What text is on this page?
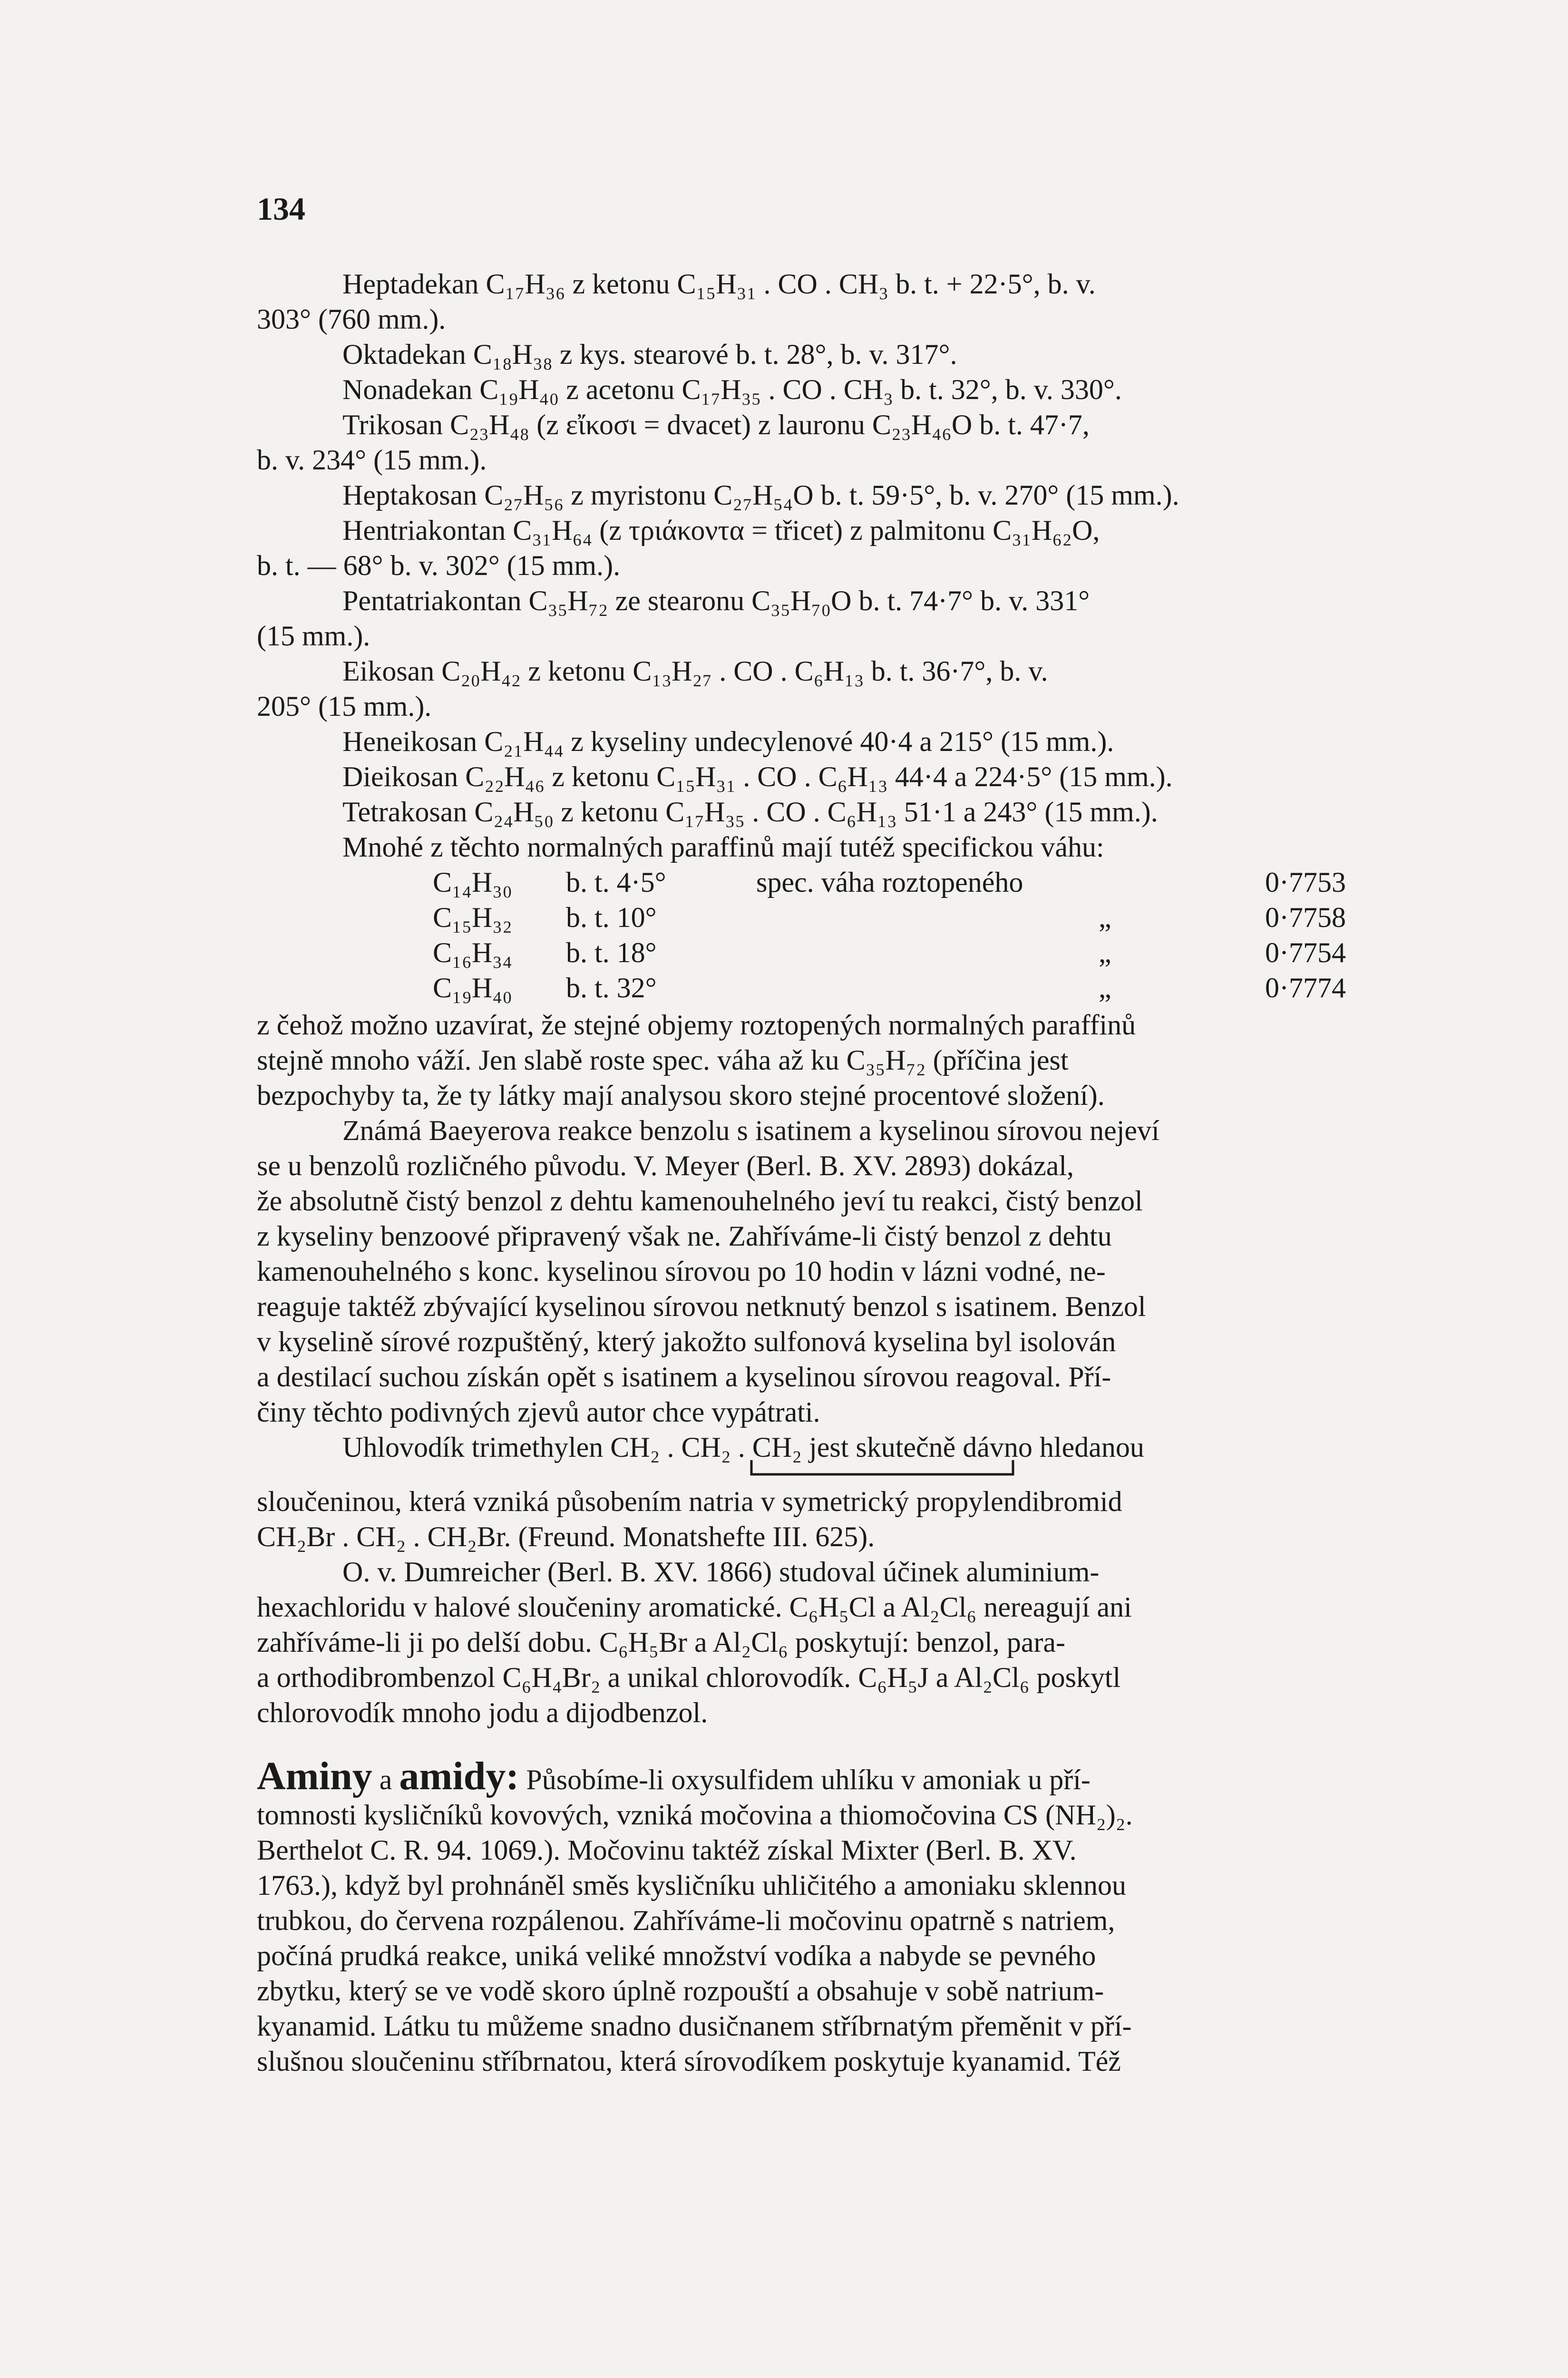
134
Heptadekan C₁₇H₃₆ z ketonu C₁₅H₃₁ . CO . CH₃ b. t. + 22·5°, b. v.
303° (760 mm.).
Oktadekan C₁₈H₃₈ z kys. stearové b. t. 28°, b. v. 317°.
Nonadekan C₁₉H₄₀ z acetonu C₁₇H₃₅ . CO . CH₃ b. t. 32°, b. v. 330°.
Trikosan C₂₃H₄₈ (z εἴκοσι = dvacet) z lauronu C₂₃H₄₆O b. t. 47·7,
b. v. 234° (15 mm.).
Heptakosan C₂₇H₅₆ z myristonu C₂₇H₅₄O b. t. 59·5°, b. v. 270° (15 mm.).
Hentriakontan C₃₁H₆₄ (z τριάκοντα = třicet) z palmitonu C₃₁H₆₂O,
b. t. — 68° b. v. 302° (15 mm.).
Pentatriakontan C₃₅H₇₂ ze stearonu C₃₅H₇₀O b. t. 74·7° b. v. 331°
(15 mm.).
Eikosan C₂₀H₄₂ z ketonu C₁₃H₂₇ . CO . C₆H₁₃ b. t. 36·7°, b. v.
205° (15 mm.).
Heneikosan C₂₁H₄₄ z kyseliny undecylenové 40·4 a 215° (15 mm.).
Dieikosan C₂₂H₄₆ z ketonu C₁₅H₃₁ . CO . C₆H₁₃ 44·4 a 224·5° (15 mm.).
Tetrakosan C₂₄H₅₀ z ketonu C₁₇H₃₅ . CO . C₆H₁₃ 51·1 a 243° (15 mm.).
Mnohé z těchto normalných paraffinů mají tutéž specifickou váhu:
C₁₄H₃₀ b. t. 4·5°	spec. váha roztopeného	0·7753
C₁₅H₃₂ b. t. 10°	„	0·7758
C₁₆H₃₄ b. t. 18°	„	0·7754
C₁₉H₄₀ b. t. 32°	„	0·7774
z čehož možno uzavírat, že stejné objemy roztopených normalných paraffinů
stejně mnoho váží. Jen slabě roste spec. váha až ku C₃₅H₇₂ (příčina jest
bezpochyby ta, že ty látky mají analysou skoro stejné procentové složení).
Známá Baeyerova reakce benzolu s isatinem a kyselinou sírovou nejeví
se u benzolů rozličného původu. V. Meyer (Berl. B. XV. 2893) dokázal,
že absolutně čistý benzol z dehtu kamenouhelného jeví tu reakci, čistý benzol
z kyseliny benzoové připravený však ne. Zahříváme-li čistý benzol z dehtu
kamenouhelného s konc. kyselinou sírovou po 10 hodin v lázni vodné, ne-
reaguje taktéž zbývající kyselinou sírovou netknutý benzol s isatinem. Benzol
v kyselině sírové rozpuštěný, který jakožto sulfonová kyselina byl isolován
a destilací suchou získán opět s isatinem a kyselinou sírovou reagoval. Pří-
činy těchto podivných zjevů autor chce vypátrati.
Uhlovodík trimethylen CH₂ . CH₂ . CH₂ jest skutečně dávno hledanou
sloučeninou, která vzniká působením natria v symetrický propylendibromid
CH₂Br . CH₂ . CH₂Br. (Freund. Monatshefte III. 625).
O. v. Dumreicher (Berl. B. XV. 1866) studoval účinek aluminium-
hexachloridu v halové sloučeniny aromatické. C₆H₅Cl a Al₂Cl₆ nereagují ani
zahříváme-li ji po delší dobu. C₆H₅Br a Al₂Cl₆ poskytují: benzol, para-
a orthodibrombenzol C₆H₄Br₂ a unikal chlorovodík. C₆H₅J a Al₂Cl₆ poskytl
chlorovodík mnoho jodu a dijodbenzol.
Aminy a amidy: Působíme-li oxysulfidem uhlíku v amoniak u pří-
tomnosti kysličníků kovových, vzniká močovina a thiomočovina CS (NH₂)₂.
Berthelot C. R. 94. 1069.). Močovinu taktéž získal Mixter (Berl. B. XV.
1763.), když byl prohnáněl směs kysličníku uhličitého a amoniaku sklennou
trubkou, do červena rozpálenou. Zahříváme-li močovinu opatrně s natriem,
počíná prudká reakce, uniká veliké množství vodíka a nabyde se pevného
zbytku, který se ve vodě skoro úplně rozpouští a obsahuje v sobě natrium-
kyanamid. Látku tu můžeme snadno dusičnanem stříbrnatým přeměnit v pří-
slušnou sloučeninu stříbrnatou, která sírovodíkem poskytuje kyanamid. Též
